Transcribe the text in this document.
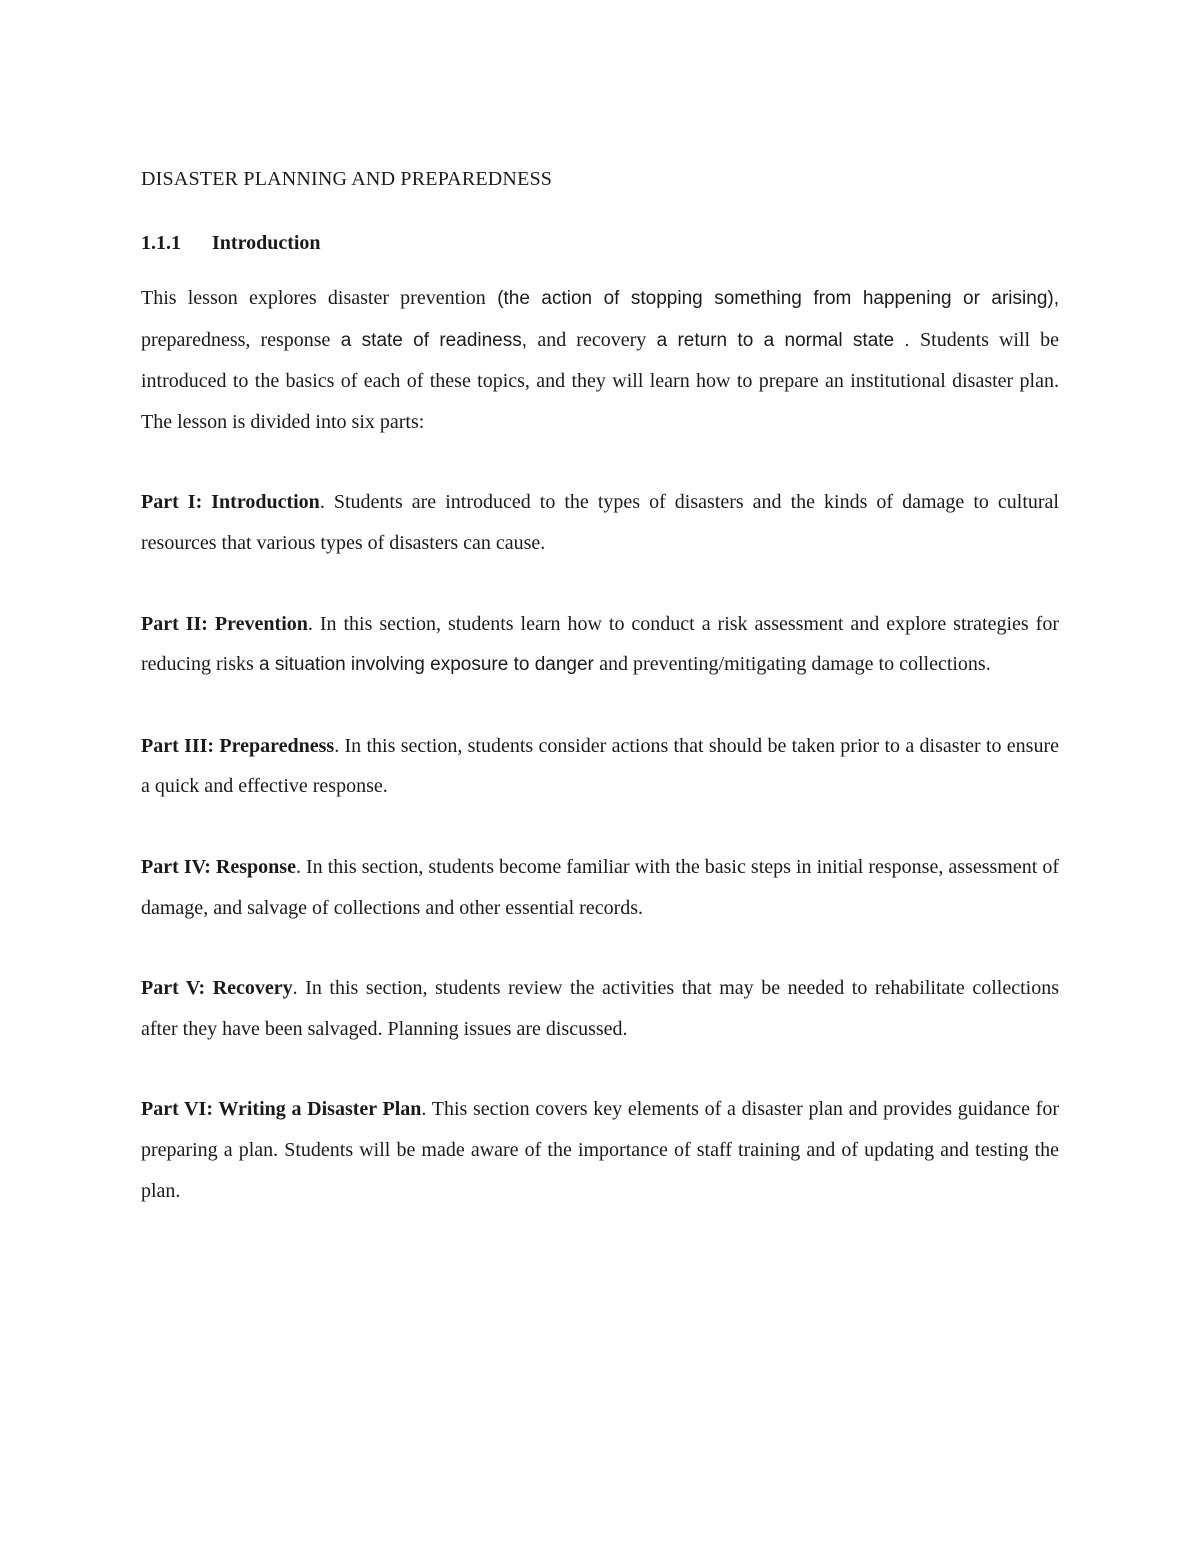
DISASTER PLANNING AND PREPAREDNESS
1.1.1 Introduction

This lesson explores disaster prevention (the action of stopping something from happening or arising), preparedness, response a state of readiness, and recovery a return to a normal state . Students will be introduced to the basics of each of these topics, and they will learn how to prepare an institutional disaster plan. The lesson is divided into six parts:

Part I: Introduction. Students are introduced to the types of disasters and the kinds of damage to cultural resources that various types of disasters can cause.

Part II: Prevention. In this section, students learn how to conduct a risk assessment and explore strategies for reducing risks a situation involving exposure to danger and preventing/mitigating damage to collections.

Part III: Preparedness. In this section, students consider actions that should be taken prior to a disaster to ensure a quick and effective response.

Part IV: Response. In this section, students become familiar with the basic steps in initial response, assessment of damage, and salvage of collections and other essential records.

Part V: Recovery. In this section, students review the activities that may be needed to rehabilitate collections after they have been salvaged. Planning issues are discussed.

Part VI: Writing a Disaster Plan. This section covers key elements of a disaster plan and provides guidance for preparing a plan. Students will be made aware of the importance of staff training and of updating and testing the plan.
